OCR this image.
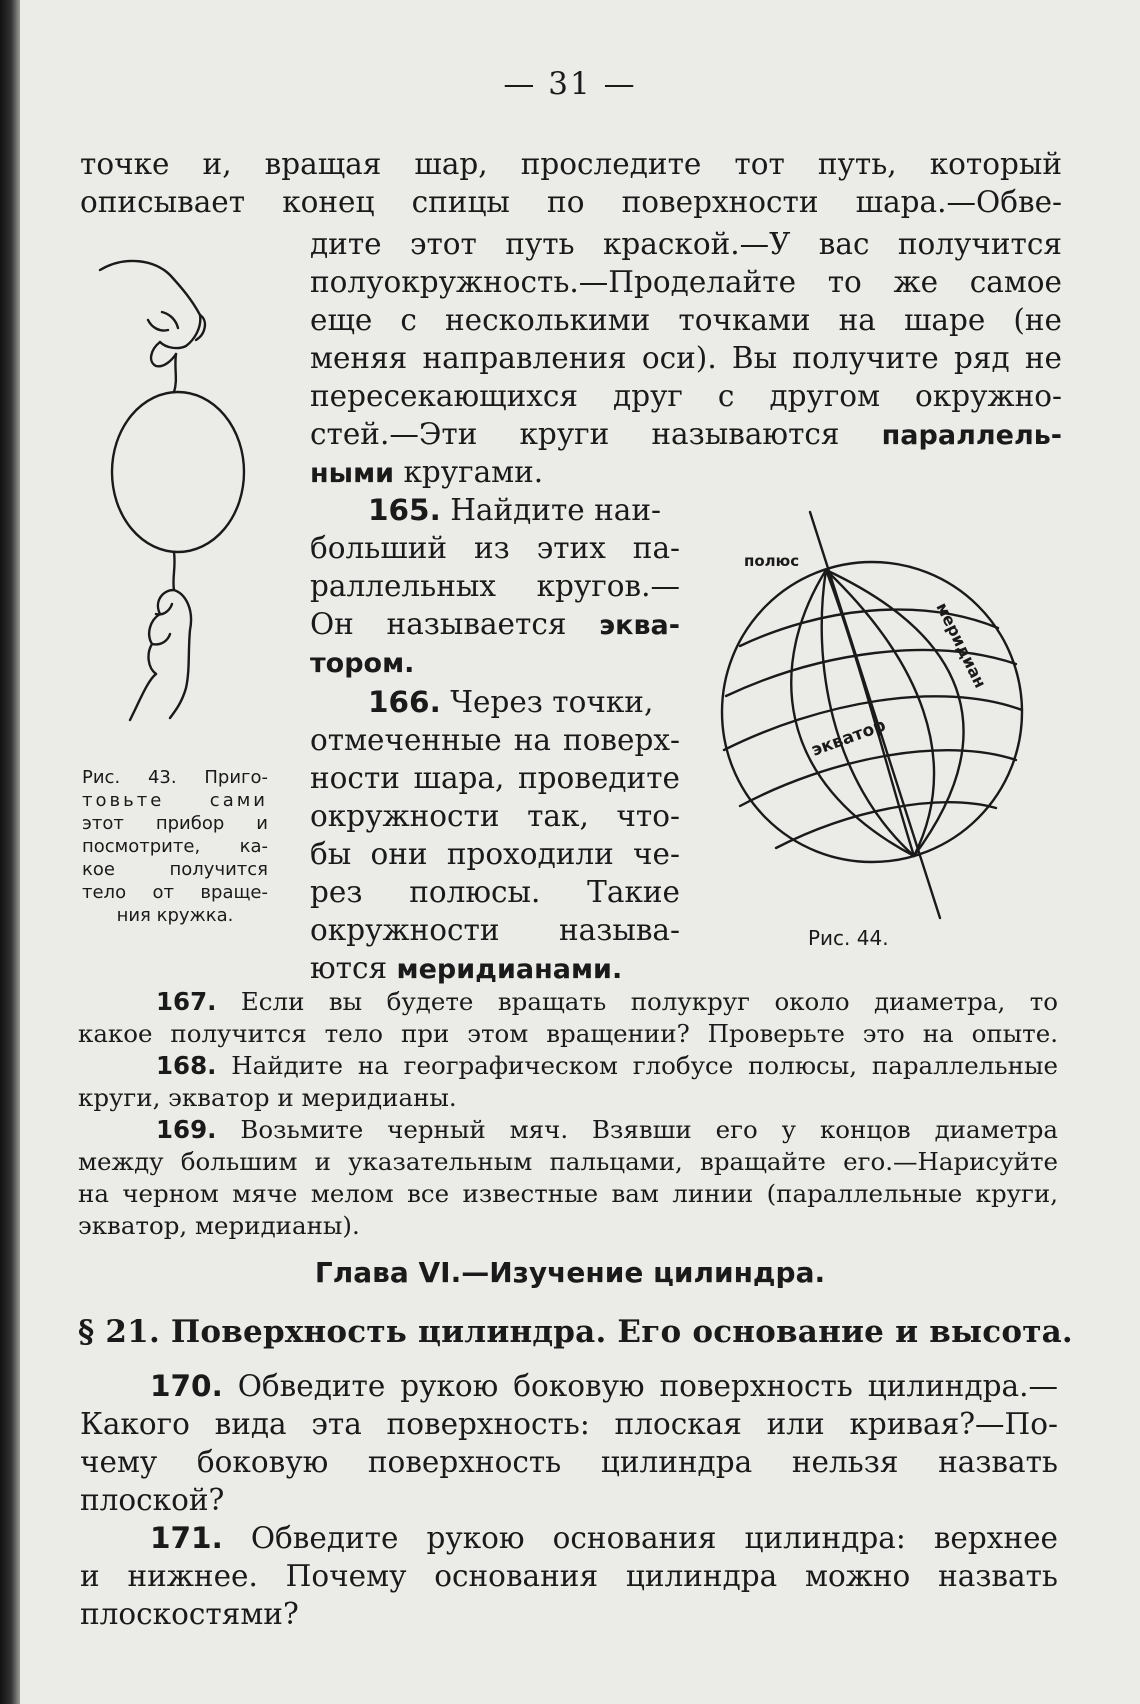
— 31 —

точке и, вращая шар, проследите тот путь, который

описывает конец спицы по поверхности шара.—Обве-

дите этот путь краской.—У вас получится

полуокружность.—Проделайте то же самое

еще с несколькими точками на шаре (не

меняя направления оси). Вы получите ряд не

пересекающихся друг с другом окружно-

стей.—Эти круги называются параллель-

ными кругами.

165. Найдите наи-

больший из этих па-

раллельных кругов.—

Он называется эква-

тором.

166. Через точки,

отмеченные на поверх-

ности шара, проведите

окружности так, что-

бы они проходили че-

рез полюсы. Такие

окружности называ-

ются меридианами.

Рис. 43. Приго-
товьте сами
этот прибор и
посмотрите, ка-
кое получится
тело от враще-
ния кружка.
полюс
меридиан
экватор
Рис. 44.

167. Если вы будете вращать полукруг около диаметра, то

какое получится тело при этом вращении? Проверьте это на опыте.

168. Найдите на географическом глобусе полюсы, параллельные

круги, экватор и меридианы.

169. Возьмите черный мяч. Взявши его у концов диаметра

между большим и указательным пальцами, вращайте его.—Нарисуйте

на черном мяче мелом все известные вам линии (параллельные круги,

экватор, меридианы).

Глава VI.—Изучение цилиндра.

§ 21. Поверхность цилиндра. Его основание и высота.

170. Обведите рукою боковую поверхность цилиндра.—

Какого вида эта поверхность: плоская или кривая?—По-

чему боковую поверхность цилиндра нельзя назвать

плоской?

171. Обведите рукою основания цилиндра: верхнее

и нижнее. Почему основания цилиндра можно назвать

плоскостями?
